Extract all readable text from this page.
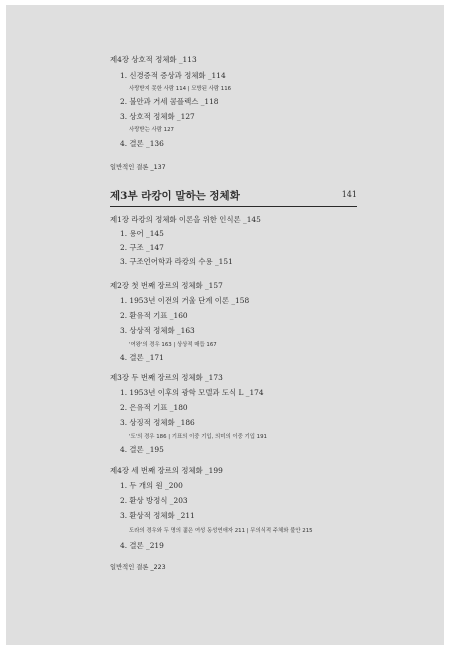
제4장 상호적 정체화 _113
1. 신경증적 증상과 정체화 _114
사랑받지 못한 사람 114 | 모방된 사람 116
2. 불안과 거세 콤플렉스 _118
3. 상호적 정체화 _127
사랑받는 사람 127
4. 결론 _136
일반적인 결론 _137
제1장 라캉의 정체화 이론을 위한 인식론 _145
1. 용어 _145
2. 구조 _147
3. 구조언어학과 라캉의 수용 _151
제2장 첫 번째 장르의 정체화 _157
1. 1953년 이전의 거울 단계 이론 _158
2. 환유적 기표 _160
3. 상상적 정체화 _163
'여왕'의 경우 163 | 상상적 매듭 167
4. 결론 _171
제3장 두 번째 장르의 정체화 _173
1. 1953년 이후의 광학 모델과 도식 L _174
2. 은유적 기표 _180
3. 상징적 정체화 _186
'도'의 경우 186 | 기표의 이중 기입, 의미의 이중 기입 191
4. 결론 _195
제4장 세 번째 장르의 정체화 _199
1. 두 개의 원 _200
2. 환상 방정식 _203
3. 환상적 정체화 _211
도라의 경우와 두 명의 젊은 여성 동성연애자 211 | 무의식적 주체와 불안 215
4. 결론 _219
일반적인 결론 _223
제3부 라캉이 말하는 정체화	141
